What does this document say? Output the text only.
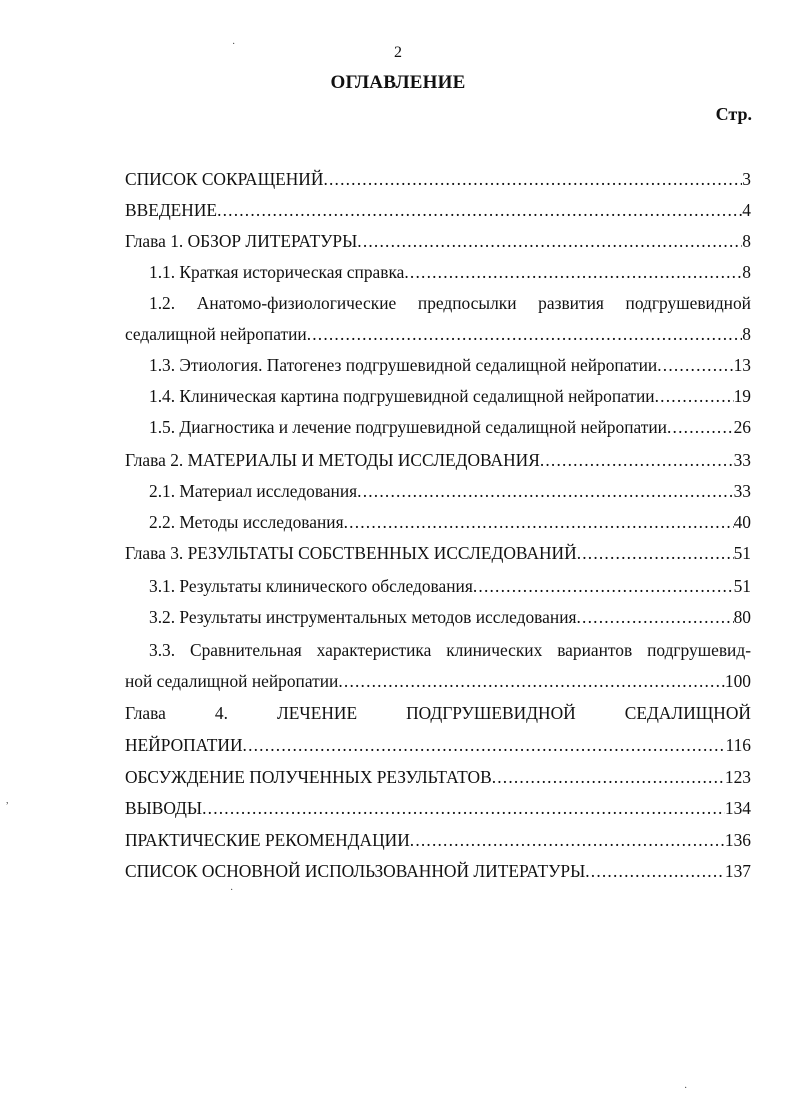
2
ОГЛАВЛЕНИЕ
Стр.
СПИСОК СОКРАЩЕНИЙ .....	3
ВВЕДЕНИЕ .....	4
Глава 1. ОБЗОР ЛИТЕРАТУРЫ .....	8
1.1. Краткая историческая справка .....	8
1.2. Анатомо-физиологические предпосылки развития подгрушевидной
седалищной нейропатии .....	8
1.3. Этиология. Патогенез подгрушевидной седалищной нейропатии .....	13
1.4. Клиническая картина подгрушевидной седалищной нейропатии .....	19
1.5. Диагностика и лечение подгрушевидной седалищной нейропатии .....	26
Глава 2. МАТЕРИАЛЫ И МЕТОДЫ ИССЛЕДОВАНИЯ .....	33
2.1. Материал исследования .....	33
2.2. Методы исследования .....	40
Глава 3. РЕЗУЛЬТАТЫ СОБСТВЕННЫХ ИССЛЕДОВАНИЙ .....	51
3.1. Результаты клинического обследования .....	51
3.2. Результаты инструментальных методов исследования .....	80
3.3. Сравнительная характеристика клинических вариантов подгрушевид-
ной седалищной нейропатии .....	100
Глава	4.	ЛЕЧЕНИЕ	ПОДГРУШЕВИДНОЙ	СЕДАЛИЩНОЙ
НЕЙРОПАТИИ .....	116
ОБСУЖДЕНИЕ ПОЛУЧЕННЫХ РЕЗУЛЬТАТОВ .....	123
ВЫВОДЫ .....	134
ПРАКТИЧЕСКИЕ РЕКОМЕНДАЦИИ .....	136
СПИСОК ОСНОВНОЙ ИСПОЛЬЗОВАННОЙ ЛИТЕРАТУРЫ .....	137
·
,
·
·
